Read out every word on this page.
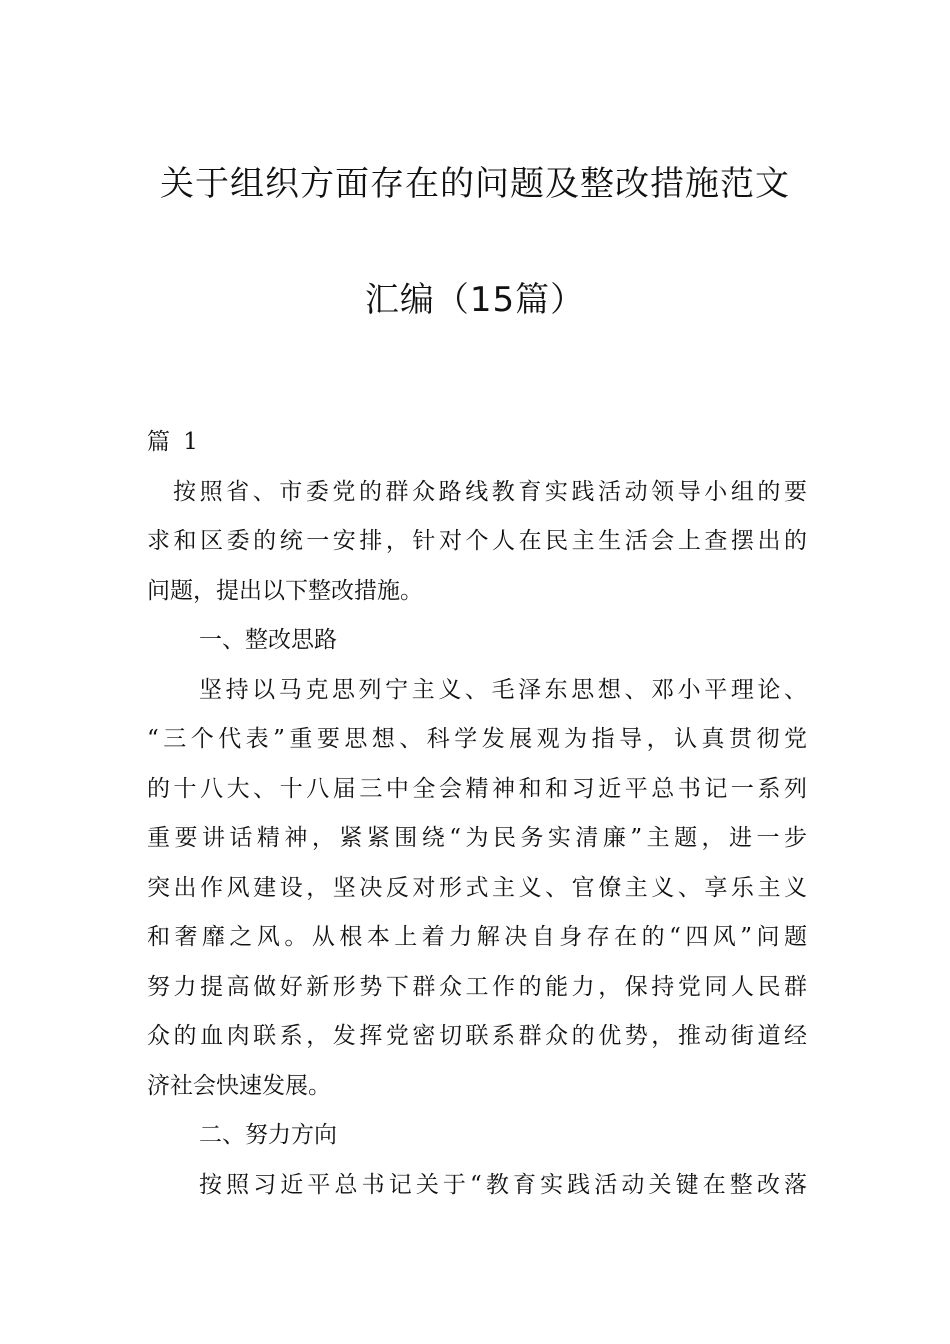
关于组织方面存在的问题及整改措施范文
汇编（15篇）
篇 1
按照省、市委党的群众路线教育实践活动领导小组的要
求和区委的统一安排，针对个人在民主生活会上查摆出的
问题，提出以下整改措施。
一、整改思路
坚持以马克思列宁主义、毛泽东思想、邓小平理论、
“三个代表”重要思想、科学发展观为指导，认真贯彻党
的十八大、十八届三中全会精神和和习近平总书记一系列
重要讲话精神，紧紧围绕“为民务实清廉”主题，进一步
突出作风建设，坚决反对形式主义、官僚主义、享乐主义
和奢靡之风。从根本上着力解决自身存在的“四风”问题
努力提高做好新形势下群众工作的能力，保持党同人民群
众的血肉联系，发挥党密切联系群众的优势，推动街道经
济社会快速发展。
二、努力方向
按照习近平总书记关于“教育实践活动关键在整改落
